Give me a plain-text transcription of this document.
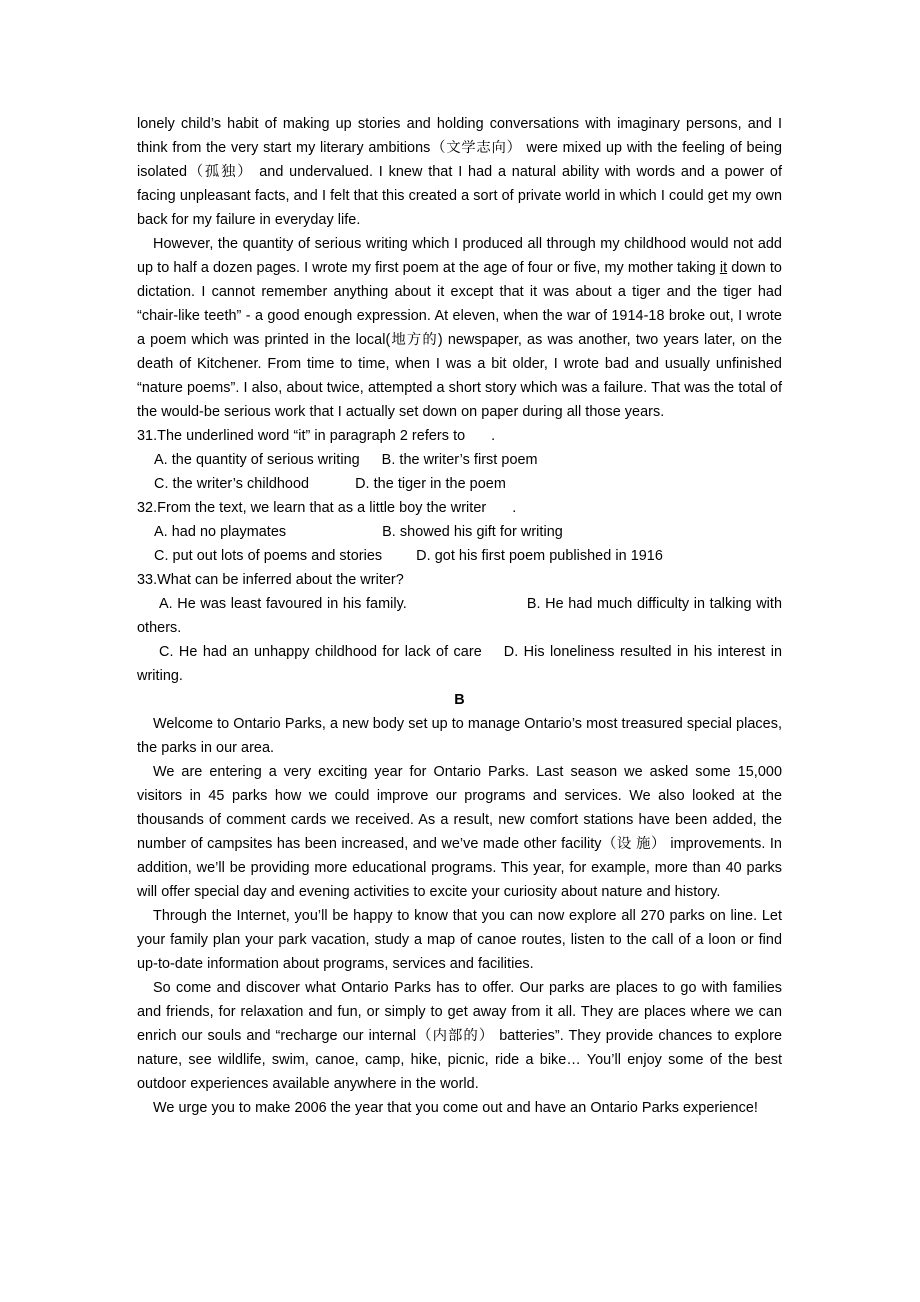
lonely child’s habit of making up stories and holding conversations with imaginary persons, and I think from the very start my literary ambitions（文学志向） were mixed up with the feeling of being isolated（孤独） and undervalued. I knew that I had a natural ability with words and a power of facing unpleasant facts, and I felt that this created a sort of private world in which I could get my own back for my failure in everyday life.

However, the quantity of serious writing which I produced all through my childhood would not add up to half a dozen pages. I wrote my first poem at the age of four or five, my mother taking it down to dictation. I cannot remember anything about it except that it was about a tiger and the tiger had “chair-like teeth” - a good enough expression. At eleven, when the war of 1914-18 broke out, I wrote a poem which was printed in the local(地方的) newspaper, as was another, two years later, on the death of Kitchener. From time to time, when I was a bit older, I wrote bad and usually unfinished “nature poems”. I also, about twice, attempted a short story which was a failure. That was the total of the would-be serious work that I actually set down on paper during all those years.

31.The underlined word “it” in paragraph 2 refers to .

A. the quantity of serious writing B. the writer’s first poem

C. the writer’s childhood	D. the tiger in the poem

32.From the text, we learn that as a little boy the writer .

A. had no playmates	B. showed his gift for writing

C. put out lots of poems and stories D. got his first poem published in 1916

33.What can be inferred about the writer?

A. He was least favoured in his family.	B. He had much difficulty in talking with others.

C. He had an unhappy childhood for lack of care D. His loneliness resulted in his interest in writing.

B

Welcome to Ontario Parks, a new body set up to manage Ontario’s most treasured special places, the parks in our area.

We are entering a very exciting year for Ontario Parks. Last season we asked some 15,000 visitors in 45 parks how we could improve our programs and services. We also looked at the thousands of comment cards we received. As a result, new comfort stations have been added, the number of campsites has been increased, and we’ve made other facility（设 施） improvements. In addition, we’ll be providing more educational programs. This year, for example, more than 40 parks will offer special day and evening activities to excite your curiosity about nature and history.

Through the Internet, you’ll be happy to know that you can now explore all 270 parks on line. Let your family plan your park vacation, study a map of canoe routes, listen to the call of a loon or find up-to-date information about programs, services and facilities.

So come and discover what Ontario Parks has to offer. Our parks are places to go with families and friends, for relaxation and fun, or simply to get away from it all. They are places where we can enrich our souls and “recharge our internal（内部的） batteries”. They provide chances to explore nature, see wildlife, swim, canoe, camp, hike, picnic, ride a bike… You’ll enjoy some of the best outdoor experiences available anywhere in the world.

We urge you to make 2006 the year that you come out and have an Ontario Parks experience!
